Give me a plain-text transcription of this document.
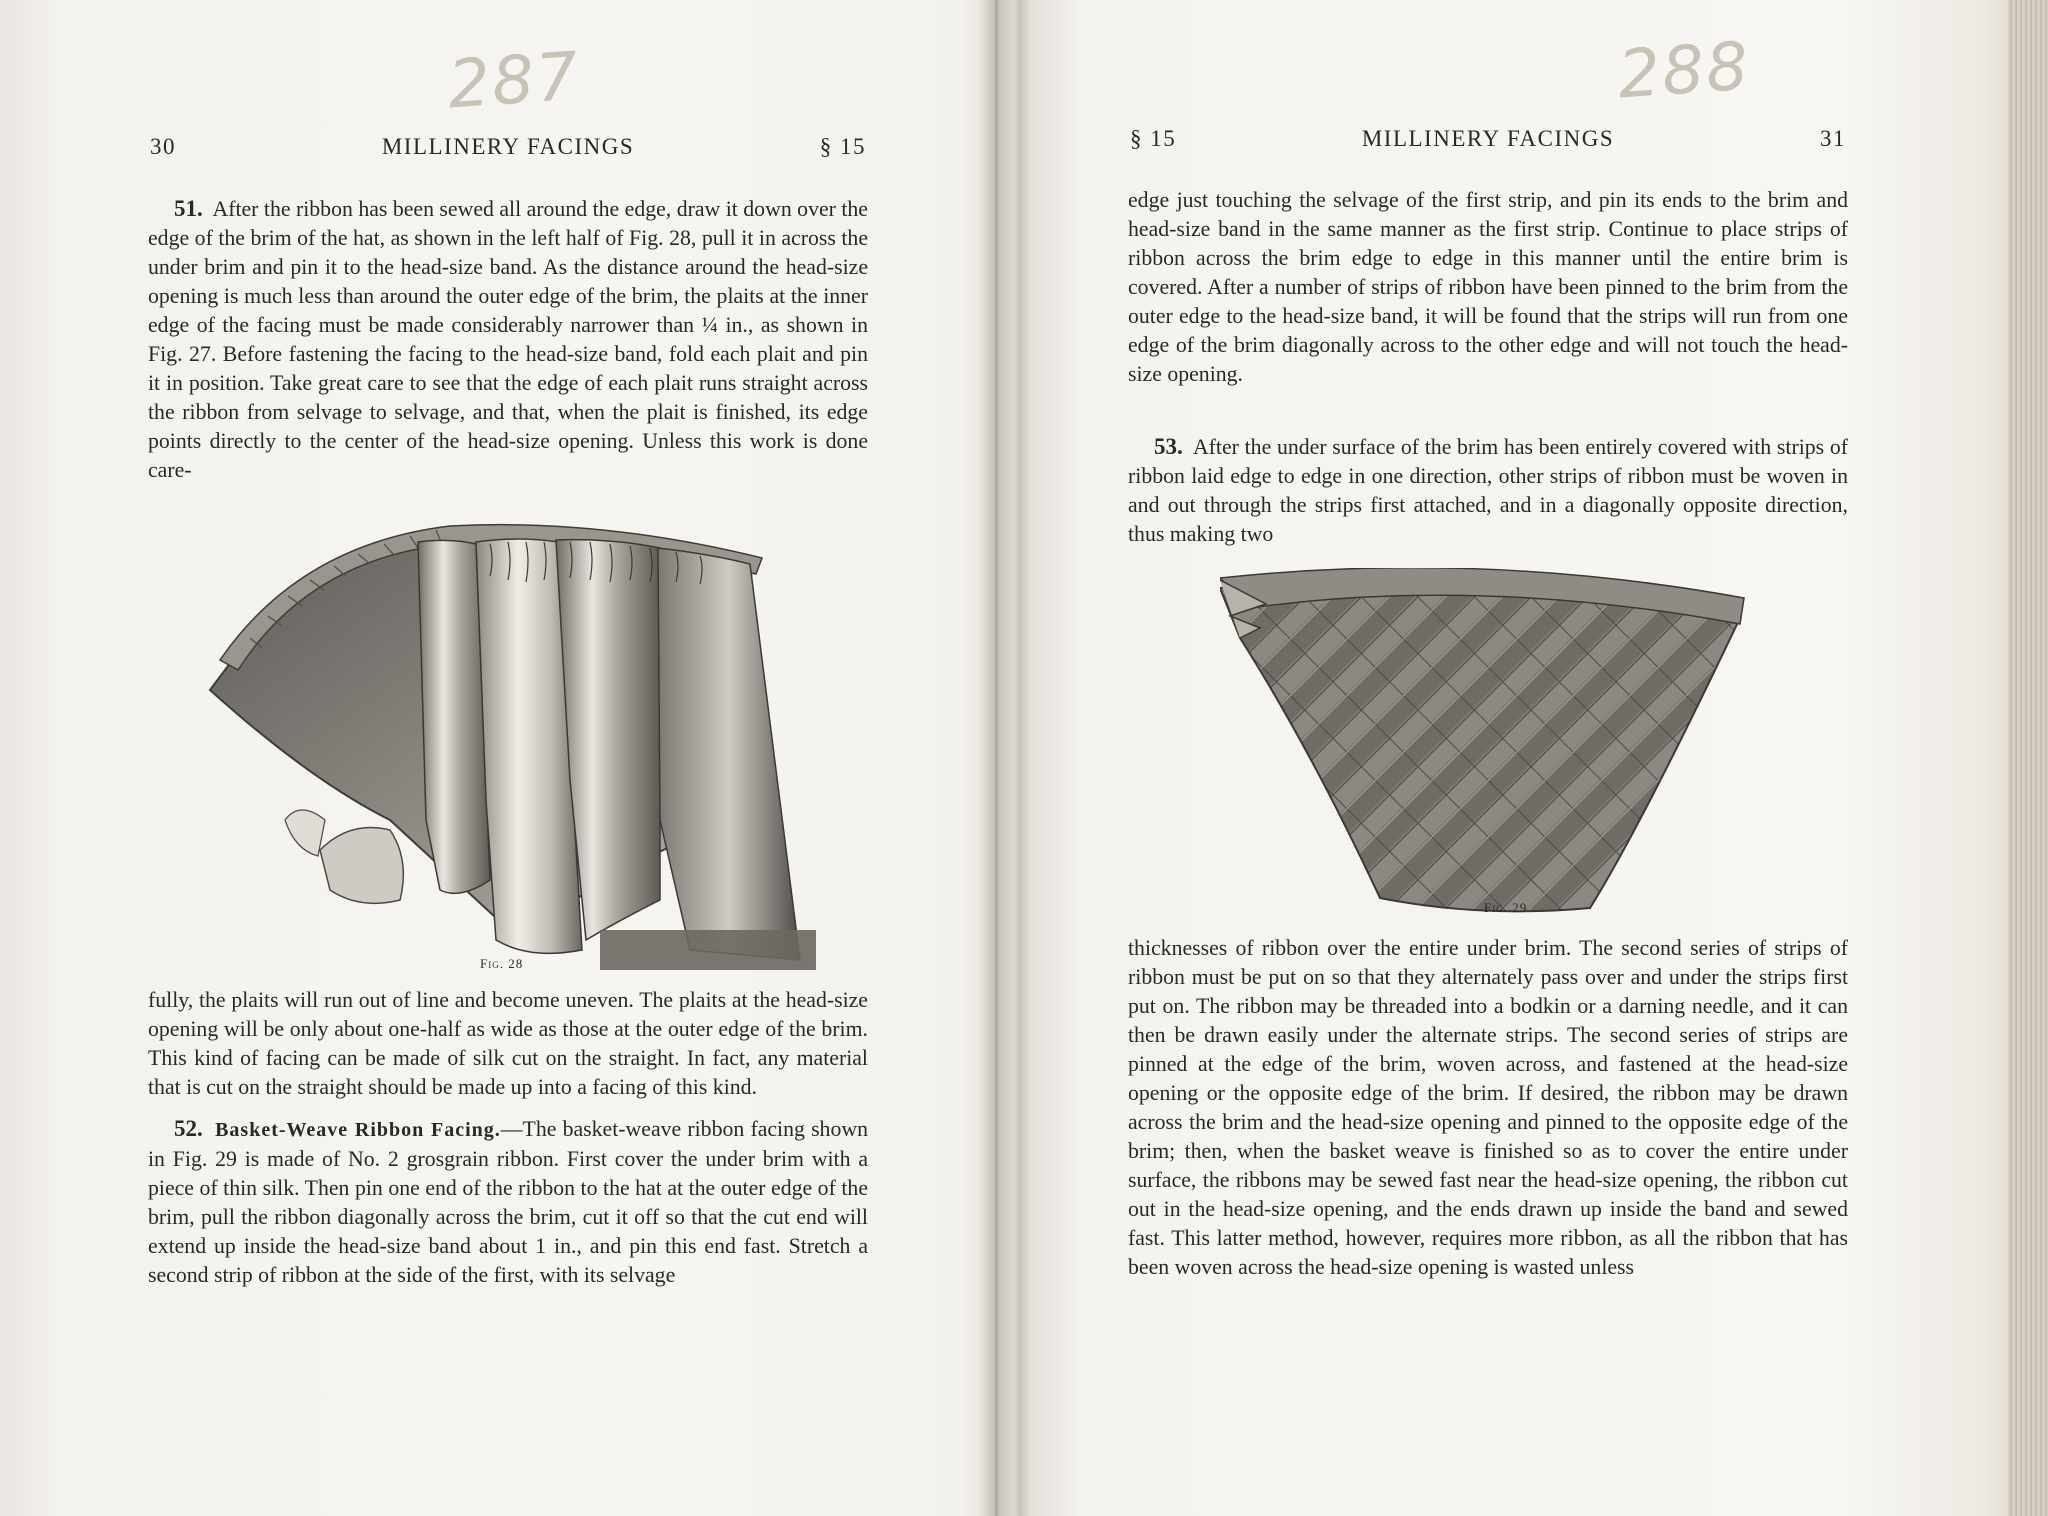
287
30	MILLINERY FACINGS	§ 15

51. After the ribbon has been sewed all around the edge, draw it down over the edge of the brim of the hat, as shown in the left half of Fig. 28, pull it in across the under brim and pin it to the head-size band. As the distance around the head-size opening is much less than around the outer edge of the brim, the plaits at the inner edge of the facing must be made considerably narrower than ¼ in., as shown in Fig. 27. Before fastening the facing to the head-size band, fold each plait and pin it in position. Take great care to see that the edge of each plait runs straight across the ribbon from selvage to selvage, and that, when the plait is finished, its edge points directly to the center of the head-size opening. Unless this work is done care-

fully, the plaits will run out of line and become uneven. The plaits at the head-size opening will be only about one-half as wide as those at the outer edge of the brim. This kind of facing can be made of silk cut on the straight. In fact, any material that is cut on the straight should be made up into a facing of this kind.

52. Basket-Weave Ribbon Facing.—The basket-weave ribbon facing shown in Fig. 29 is made of No. 2 grosgrain ribbon. First cover the under brim with a piece of thin silk. Then pin one end of the ribbon to the hat at the outer edge of the brim, pull the ribbon diagonally across the brim, cut it off so that the cut end will extend up inside the head-size band about 1 in., and pin this end fast. Stretch a second strip of ribbon at the side of the first, with its selvage

Fig. 28
288
§ 15	MILLINERY FACINGS	31

edge just touching the selvage of the first strip, and pin its ends to the brim and head-size band in the same manner as the first strip. Continue to place strips of ribbon across the brim edge to edge in this manner until the entire brim is covered. After a number of strips of ribbon have been pinned to the brim from the outer edge to the head-size band, it will be found that the strips will run from one edge of the brim diagonally across to the other edge and will not touch the head-size opening.

53. After the under surface of the brim has been entirely covered with strips of ribbon laid edge to edge in one direction, other strips of ribbon must be woven in and out through the strips first attached, and in a diagonally opposite direction, thus making two

thicknesses of ribbon over the entire under brim. The second series of strips of ribbon must be put on so that they alternately pass over and under the strips first put on. The ribbon may be threaded into a bodkin or a darning needle, and it can then be drawn easily under the alternate strips. The second series of strips are pinned at the edge of the brim, woven across, and fastened at the head-size opening or the opposite edge of the brim. If desired, the ribbon may be drawn across the brim and the head-size opening and pinned to the opposite edge of the brim; then, when the basket weave is finished so as to cover the entire under surface, the ribbons may be sewed fast near the head-size opening, the ribbon cut out in the head-size opening, and the ends drawn up inside the band and sewed fast. This latter method, however, requires more ribbon, as all the ribbon that has been woven across the head-size opening is wasted unless

Fig. 29
